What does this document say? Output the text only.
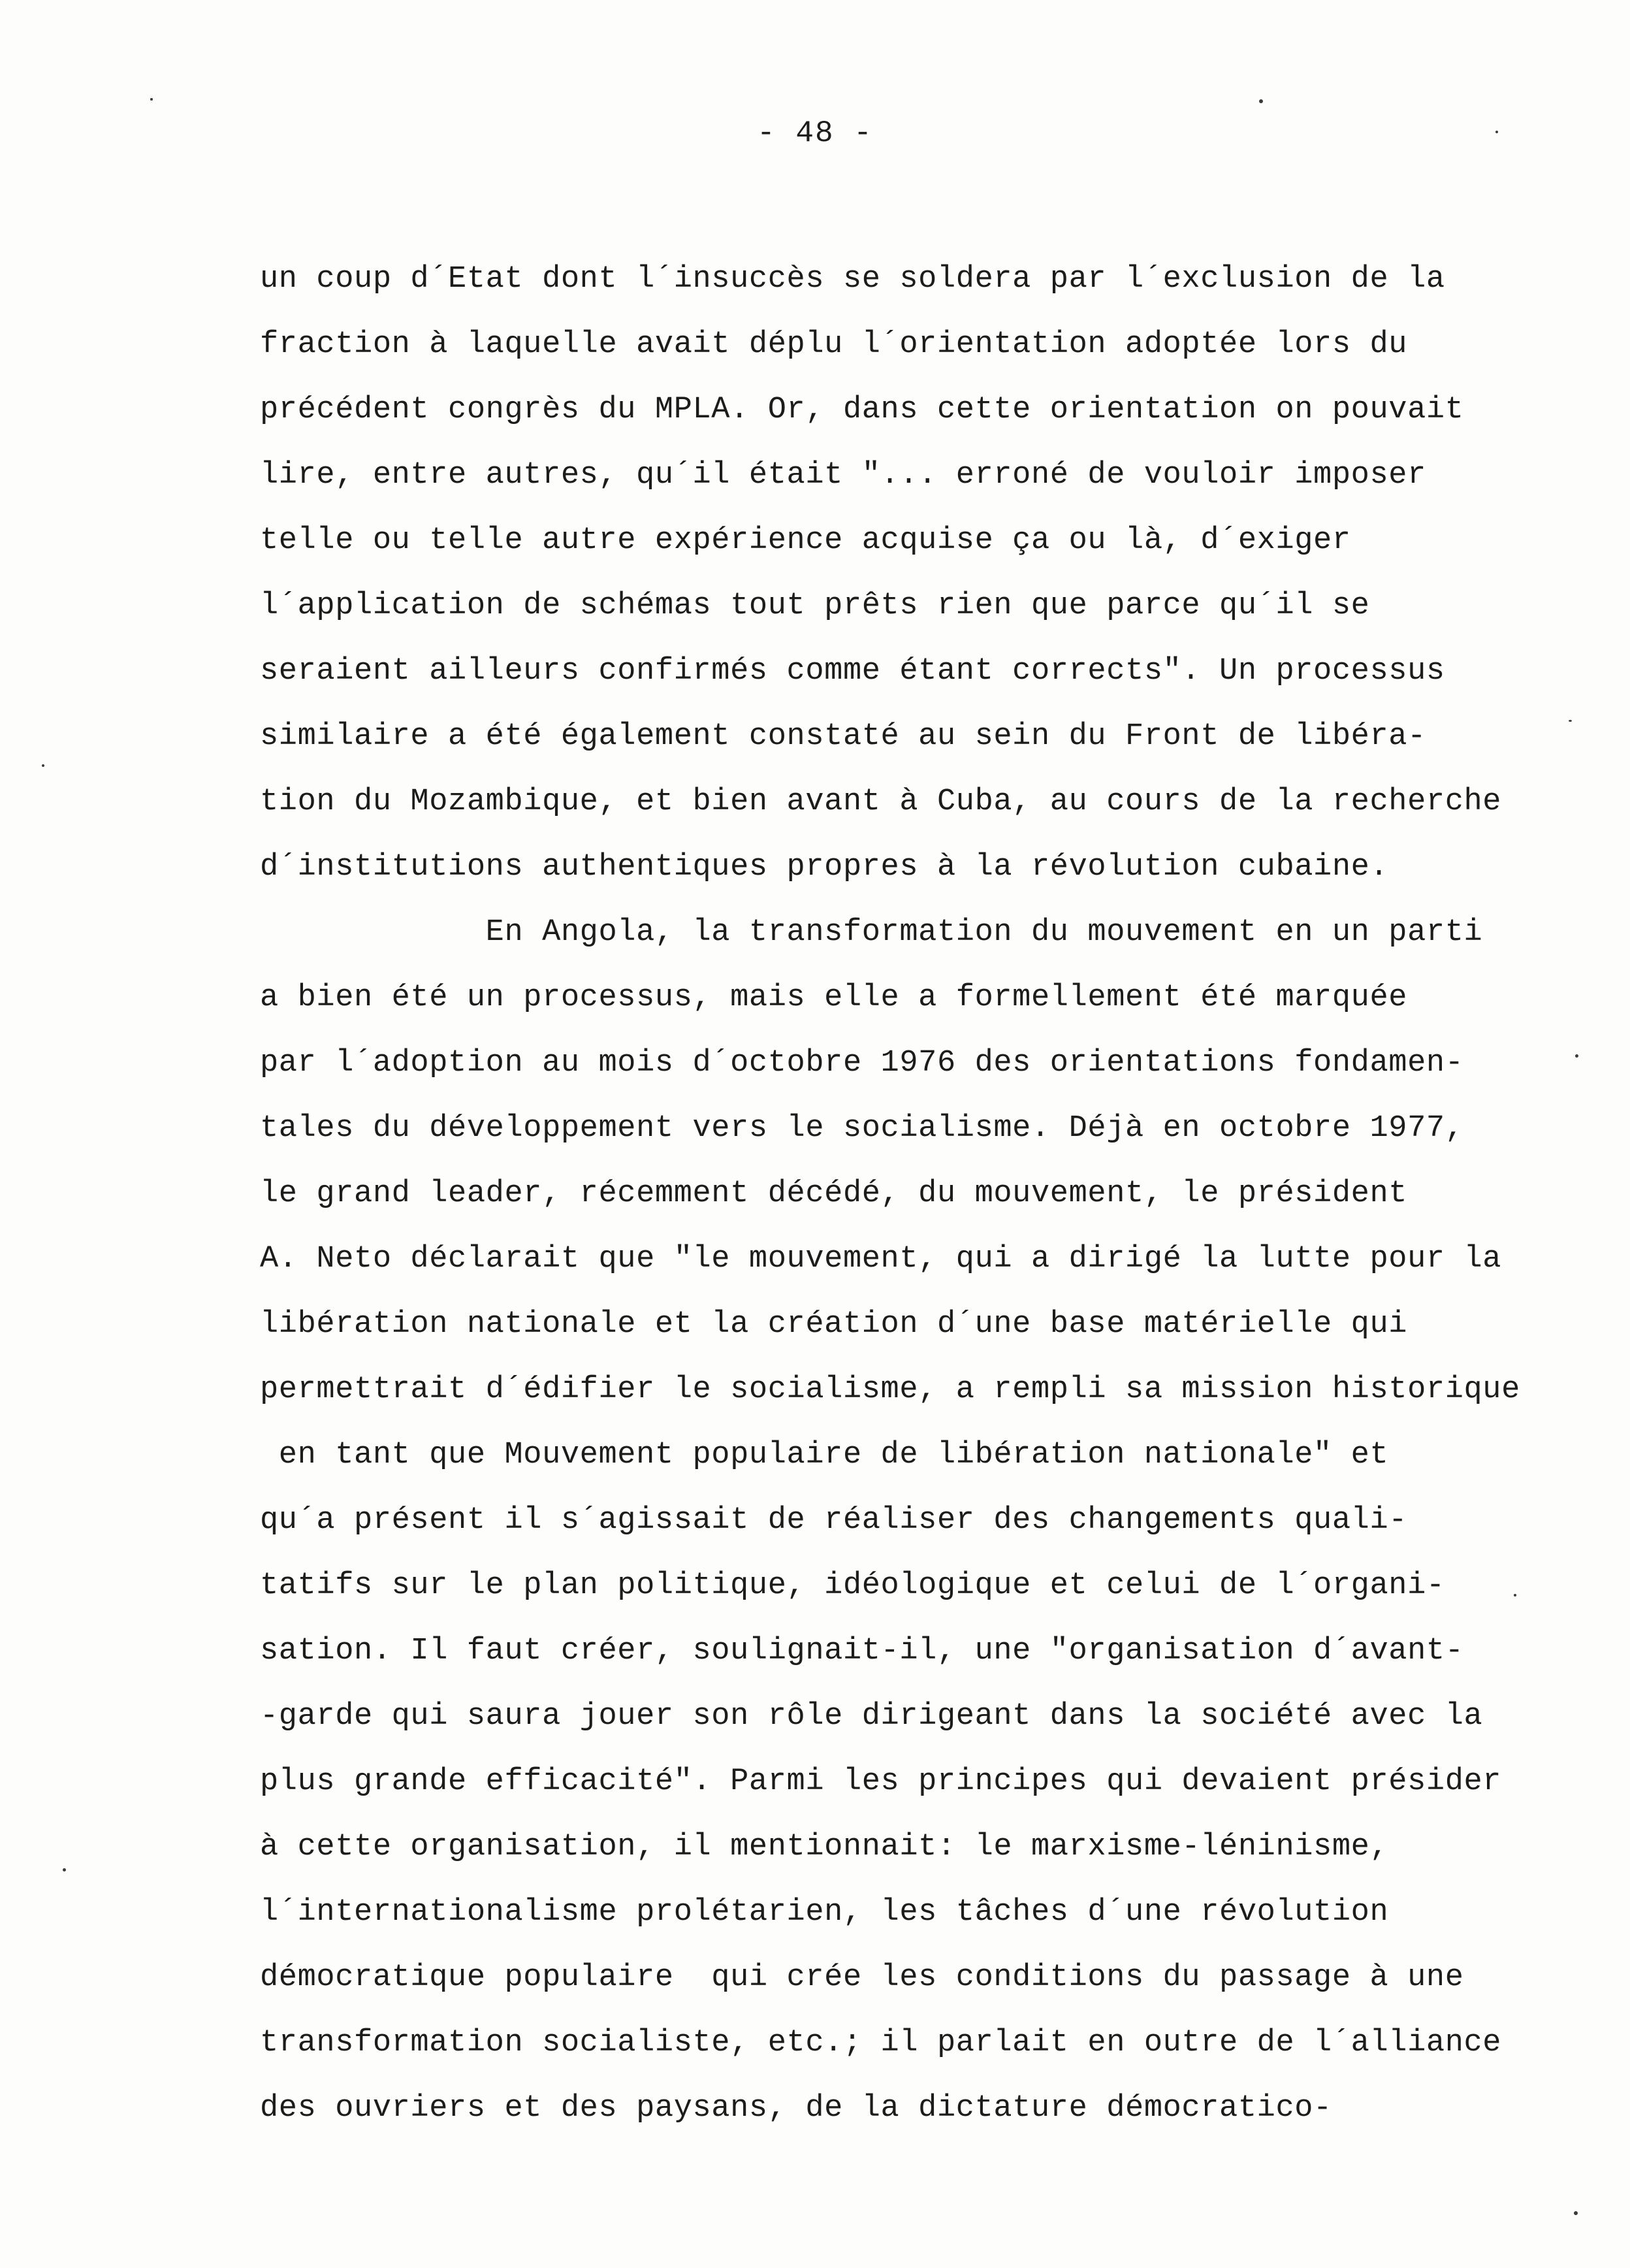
- 48 -
un coup d´Etat dont l´insuccès se soldera par l´exclusion de la
fraction à laquelle avait déplu l´orientation adoptée lors du
précédent congrès du MPLA. Or, dans cette orientation on pouvait
lire, entre autres, qu´il était "... erroné de vouloir imposer
telle ou telle autre expérience acquise ça ou là, d´exiger
l´application de schémas tout prêts rien que parce qu´il se
seraient ailleurs confirmés comme étant corrects". Un processus
similaire a été également constaté au sein du Front de libéra-
tion du Mozambique, et bien avant à Cuba, au cours de la recherche
d´institutions authentiques propres à la révolution cubaine.
En Angola, la transformation du mouvement en un parti
a bien été un processus, mais elle a formellement été marquée
par l´adoption au mois d´octobre 1976 des orientations fondamen-
tales du développement vers le socialisme. Déjà en octobre 1977,
le grand leader, récemment décédé, du mouvement, le président
A. Neto déclarait que "le mouvement, qui a dirigé la lutte pour la
libération nationale et la création d´une base matérielle qui
permettrait d´édifier le socialisme, a rempli sa mission historique
en tant que Mouvement populaire de libération nationale" et
qu´a présent il s´agissait de réaliser des changements quali-
tatifs sur le plan politique, idéologique et celui de l´organi-
sation. Il faut créer, soulignait-il, une "organisation d´avant-
-garde qui saura jouer son rôle dirigeant dans la société avec la
plus grande efficacité". Parmi les principes qui devaient présider
à cette organisation, il mentionnait: le marxisme-léninisme,
l´internationalisme prolétarien, les tâches d´une révolution
démocratique populaire  qui crée les conditions du passage à une
transformation socialiste, etc.; il parlait en outre de l´alliance
des ouvriers et des paysans, de la dictature démocratico-
